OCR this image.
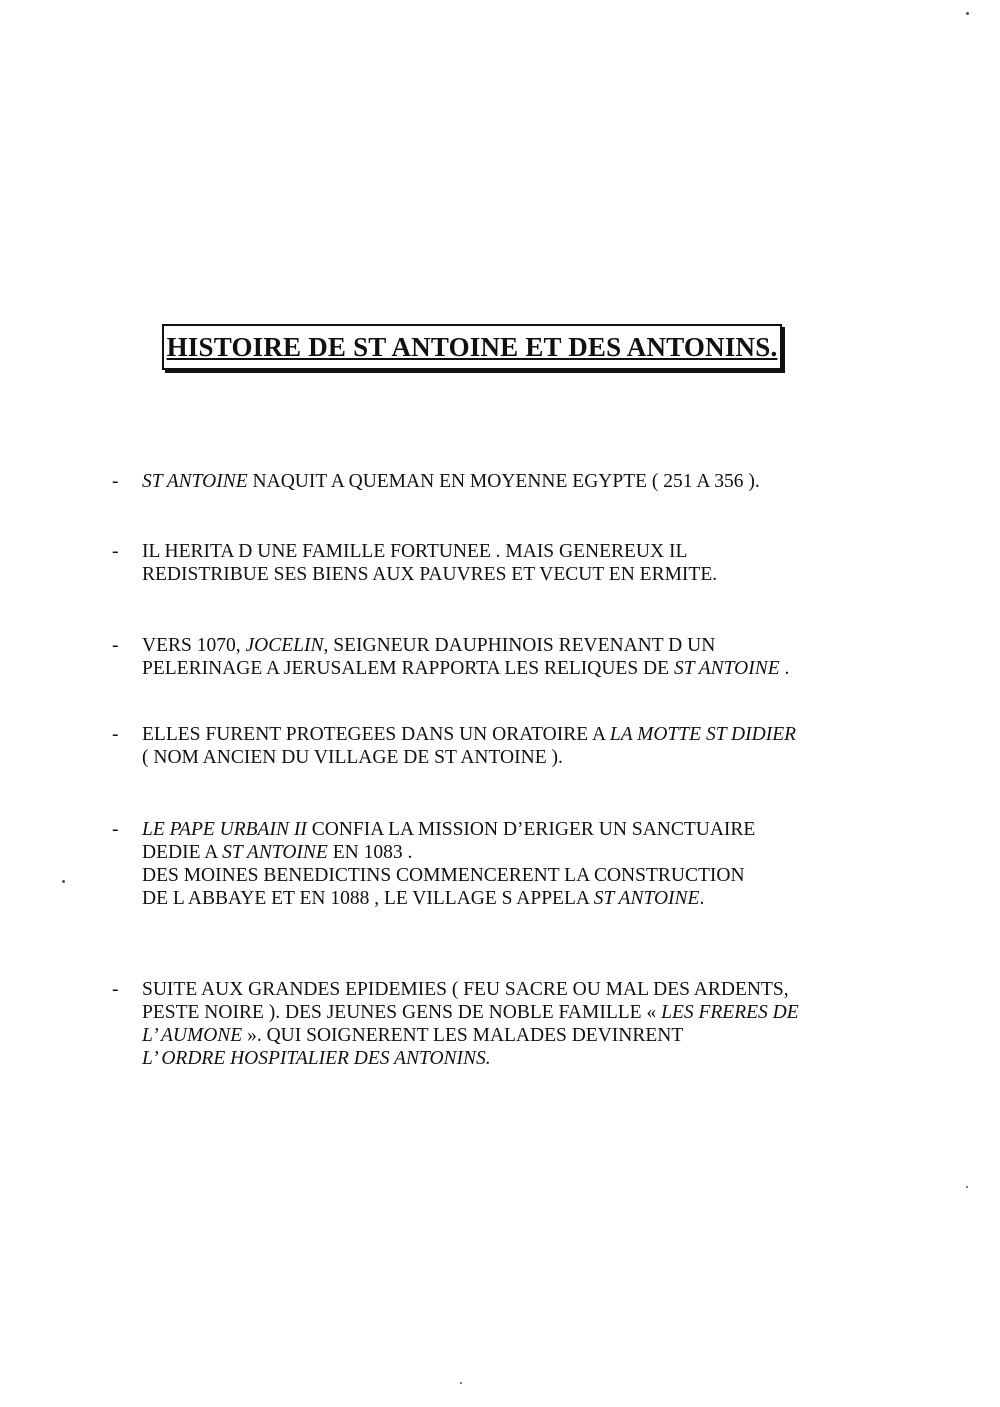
HISTOIRE DE ST ANTOINE ET DES ANTONINS.
-	ST ANTOINE NAQUIT A QUEMAN EN MOYENNE EGYPTE ( 251 A 356 ).
-	IL HERITA D UNE FAMILLE FORTUNEE . MAIS GENEREUX IL
REDISTRIBUE SES BIENS AUX PAUVRES ET VECUT EN ERMITE.
-	VERS 1070, JOCELIN, SEIGNEUR DAUPHINOIS REVENANT D UN
PELERINAGE A JERUSALEM RAPPORTA LES RELIQUES DE ST ANTOINE .
-	ELLES FURENT PROTEGEES DANS UN ORATOIRE A LA MOTTE ST DIDIER
( NOM ANCIEN DU VILLAGE DE ST ANTOINE ).
-	LE PAPE URBAIN II CONFIA LA MISSION D’ERIGER UN SANCTUAIRE
DEDIE A ST ANTOINE EN 1083 .
DES MOINES BENEDICTINS COMMENCERENT LA CONSTRUCTION
DE L ABBAYE ET EN 1088 , LE VILLAGE S APPELA ST ANTOINE.
-	SUITE AUX GRANDES EPIDEMIES ( FEU SACRE OU MAL DES ARDENTS,
PESTE NOIRE ). DES JEUNES GENS DE NOBLE FAMILLE « LES FRERES DE
L’ AUMONE ». QUI SOIGNERENT LES MALADES DEVINRENT
L’ ORDRE HOSPITALIER DES ANTONINS.
